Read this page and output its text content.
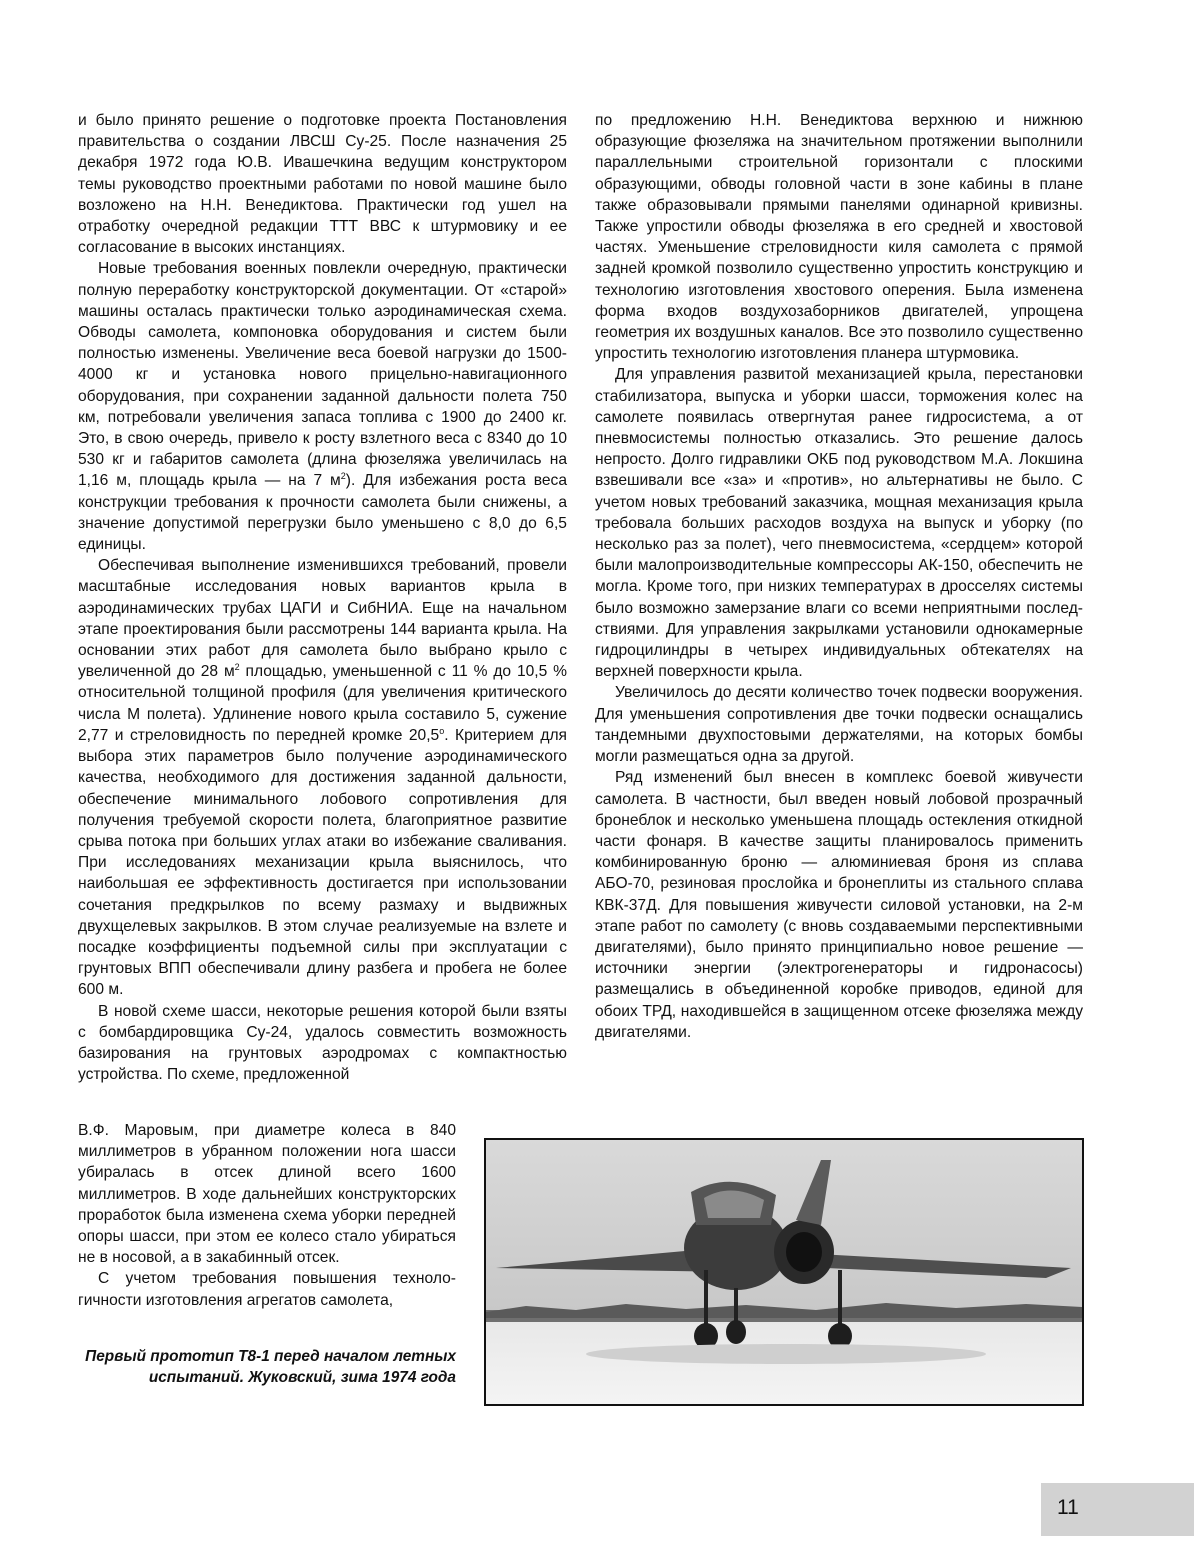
и было принято решение о подготовке проекта Постановления правительства о создании ЛВСШ Су-25. После назначения 25 декабря 1972 года Ю.В. Ивашечкина ведущим конструктором темы руководство проектными работами по новой машине было возложено на Н.Н. Венедиктова. Практически год ушел на отработку очередной редакции ТТТ ВВС к штурмовику и ее согласование в высоких инстанциях.

Новые требования военных повлекли очередную, практически полную переработку конструкторской документации. От «старой» машины осталась практически только аэродинамическая схема. Обводы самолета, компоновка оборудования и систем были полностью изменены. Увеличение веса боевой нагрузки до 1500-4000 кг и установка нового прицельно-навигационного оборудования, при сохранении заданной дальности полета 750 км, потребовали увеличения запаса топлива с 1900 до 2400 кг. Это, в свою очередь, привело к росту взлетного веса с 8340 до 10 530 кг и габаритов самолета (длина фюзеляжа увеличилась на 1,16 м, площадь крыла — на 7 $м^2$). Для избежания роста веса конструкции требования к прочности самолета были снижены, а значение допустимой перегрузки было уменьшено с 8,0 до 6,5 единицы.

Обеспечивая выполнение изменившихся требований, провели масштабные исследования новых вариантов крыла в аэродинамических трубах ЦАГИ и СибНИА. Еще на начальном этапе проектирования были рассмотрены 144 варианта крыла. На основании этих работ для самолета было выбрано крыло с увеличенной до 28 $м^2$ площадью, уменьшенной с 11 % до 10,5 % относительной толщиной профиля (для увеличения критического числа М полета). Удлинение нового крыла составило 5, сужение 2,77 и стреловидность по передней кромке $20,5^о$. Критерием для выбора этих параметров было получение аэродинамического качества, необходимого для достижения заданной дальности, обеспечение минимального лобового сопротивления для получения требуемой скорости полета, благоприятное развитие срыва потока при больших углах атаки во избежание сваливaния. При исследованиях механизации крыла выяснилось, что наибольшая ее эффективность достигается при использовании сочетания предкрылков по всему размаху и выдвижных двухщелевых закрылков. В этом случае реализуемые на взлете и посадке коэффициенты подъемной силы при эксплуатации с грунтовых ВПП обеспечивали длину разбега и пробега не более 600 м.

В новой схеме шасси, некоторые решения которой были взяты с бомбардировщика Су-24, удалось совместить возможность базирования на грунтовых аэродромах с компактностью устройства. По схеме, предложенной

В.Ф. Маровым, при диаметре колеса в 840 миллиметров в убранном положении нога шасси убиралась в отсек длиной всего 1600 миллиметров. В ходе дальнейших конструкторских проработок была изменена схема уборки передней опоры шасси, при этом ее колесо стало убираться не в носовой, а в закабинный отсек.

С учетом требования повышения технологичности изготовления агрегатов самолета,

Первый прототип Т8-1 перед началом летных испытаний. Жуковский, зима 1974 года

по предложению Н.Н. Венедиктова верхнюю и нижнюю образующие фюзеляжа на значительном протяжении выполнили параллельными строительной горизонтали с плоскими образующими, обводы головной части в зоне кабины в плане также образовывали прямыми панелями одинарной кривизны. Также упростили обводы фюзеляжа в его средней и хвостовой частях. Уменьшение стреловидности киля самолета с прямой задней кромкой позволило существенно упростить конструкцию и технологию изготовления хвостового оперения. Была изменена форма входов воздухозаборников двигателей, упрощена геометрия их воздушных каналов. Все это позволило существенно упростить технологию изготовления планера штурмовика.

Для управления развитой механизацией крыла, перестановки стабилизатора, выпуска и уборки шасси, торможения колес на самолете появилась отвергнутая ранее гидросистема, а от пневмосистемы полностью отказались. Это решение далось непросто. Долго гидравлики ОКБ под руководством М.А. Локшина взвешивали все «за» и «против», но альтернативы не было. С учетом новых требований заказчика, мощная механизация крыла требовала больших расходов воздуха на выпуск и уборку (по несколько раз за полет), чего пневмосистема, «сердцем» которой были малопроизводительные компрессоры АК-150, обеспечить не могла. Кроме того, при низких температурах в дросселях системы было возможно замерзание влаги со всеми неприятными последствиями. Для управления закрылками установили однокамерные гидроцилиндры в четырех индивидуальных обтекателях на верхней поверхности крыла.

Увеличилось до десяти количество точек подвески вооружения. Для уменьшения сопротивления две точки подвески оснащались тандемными двухпостовыми держателями, на которых бомбы могли размещаться одна за другой.

Ряд изменений был внесен в комплекс боевой живучести самолета. В частности, был введен новый лобовой прозрачный бронеблок и несколько уменьшена площадь остекления откидной части фонаря. В качестве защиты планировалось применить комбинированную броню — алюминиевая броня из сплава АБО-70, резиновая прослойка и бронеплиты из стального сплава КВК-37Д. Для повышения живучести силовой установки, на 2-м этапе работ по самолету (с вновь создаваемыми перспективными двигателями), было принято принципиально новое решение — источники энергии (электрогенераторы и гидронасосы) размещались в объединенной коробке приводов, единой для обоих ТРД, находившейся в защищенном отсеке фюзеляжа между двигателями.

11
